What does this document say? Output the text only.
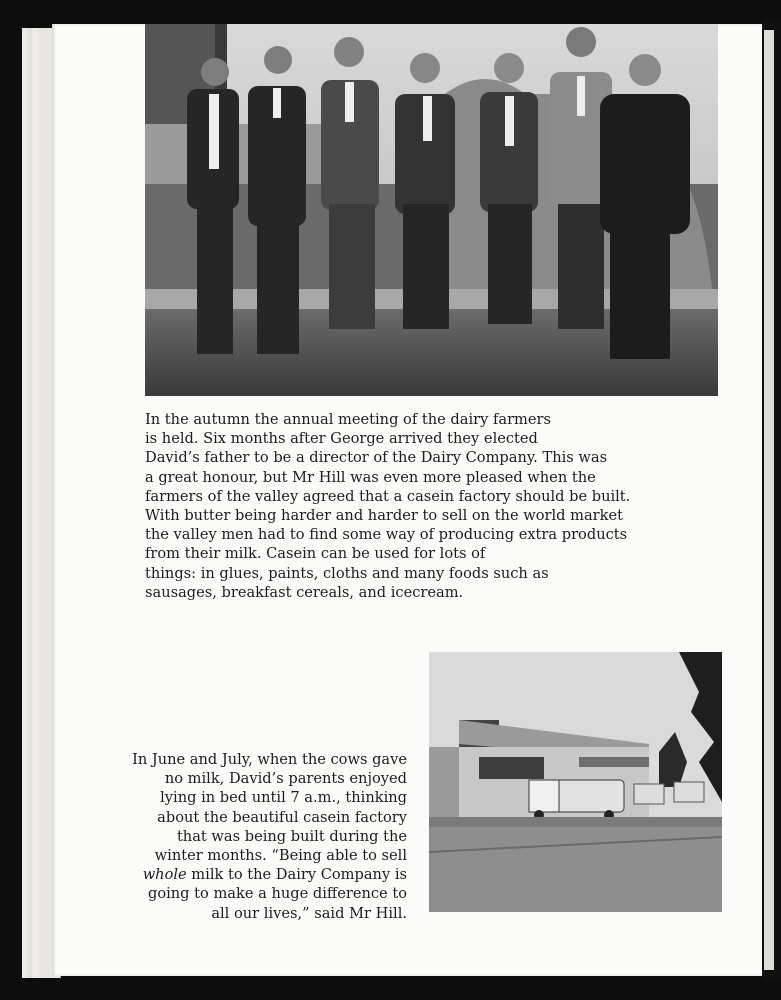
In the autumn the annual meeting of the dairy farmers
is held. Six months after George arrived they elected
David’s father to be a director of the Dairy Company. This was
a great honour, but Mr Hill was even more pleased when the
farmers of the valley agreed that a casein factory should be built.
With butter being harder and harder to sell on the world market
the valley men had to find some way of producing extra products
from their milk. Casein can be used for lots of
things: in glues, paints, cloths and many foods such as
sausages, breakfast cereals, and icecream.

In June and July, when the cows gave
no milk, David’s parents enjoyed
lying in bed until 7 a.m., thinking
about the beautiful casein factory
that was being built during the
winter months. “Being able to sell
whole milk to the Dairy Company is
going to make a huge difference to
all our lives,” said Mr Hill.
